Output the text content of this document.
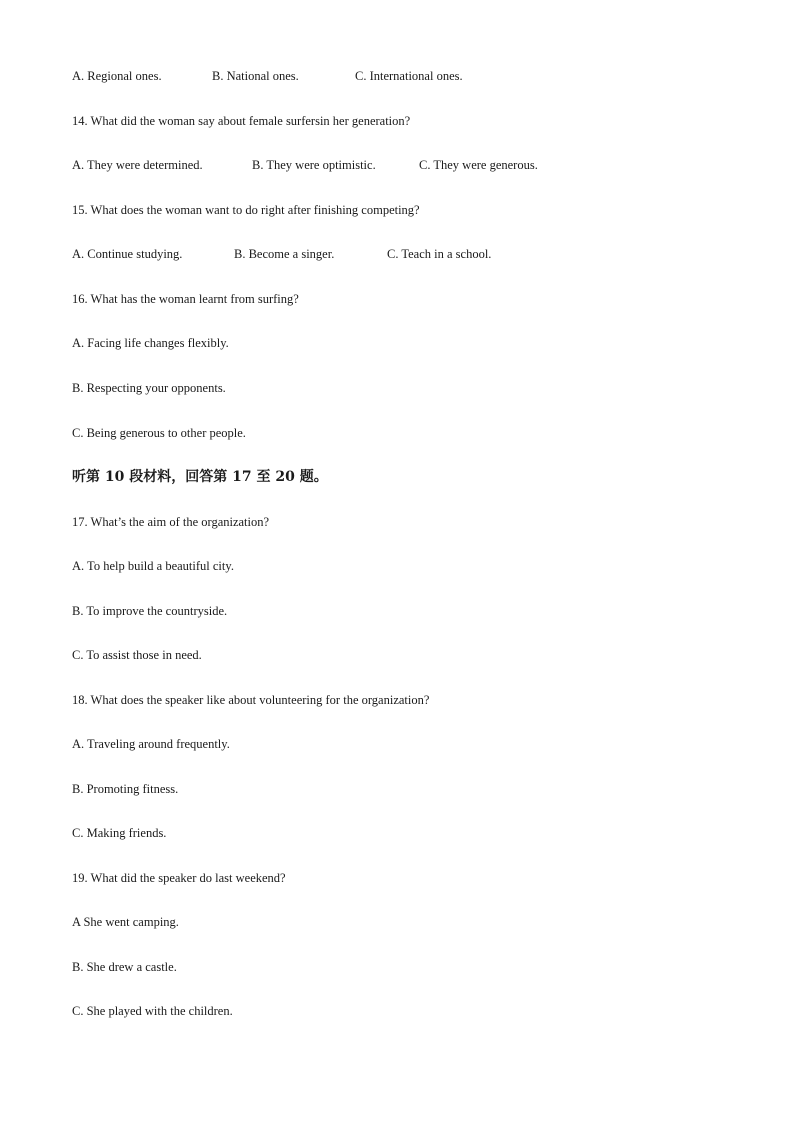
A. Regional ones.	B. National ones.	C. International ones.
14. What did the woman say about female surfersin her generation?
A. They were determined.	B. They were optimistic.	C. They were generous.
15. What does the woman want to do right after finishing competing?
A. Continue studying.	B. Become a singer.	C. Teach in a school.
16. What has the woman learnt from surfing?
A. Facing life changes flexibly.
B. Respecting your opponents.
C. Being generous to other people.
听第 10 段材料，回答第 17 至 20 题。
17. What’s the aim of the organization?
A. To help build a beautiful city.
B. To improve the countryside.
C. To assist those in need.
18. What does the speaker like about volunteering for the organization?
A. Traveling around frequently.
B. Promoting fitness.
C. Making friends.
19. What did the speaker do last weekend?
A She went camping.
B. She drew a castle.
C. She played with the children.
